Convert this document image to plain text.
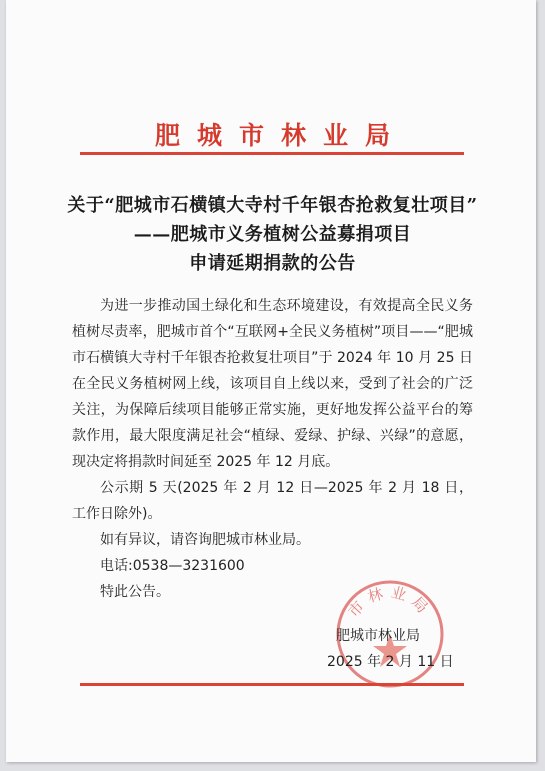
肥城市林业局
关于“肥城市石横镇大寺村千年银杏抢救复壮项目”
——肥城市义务植树公益募捐项目
申请延期捐款的公告

为进一步推动国土绿化和生态环境建设，有效提高全民义务植树尽责率，肥城市首个“互联网+全民义务植树”项目——“肥城市石横镇大寺村千年银杏抢救复壮项目”于 2024 年 10 月 25 日在全民义务植树网上线，该项目自上线以来，受到了社会的广泛关注，为保障后续项目能够正常实施，更好地发挥公益平台的筹款作用，最大限度满足社会“植绿、爱绿、护绿、兴绿”的意愿，现决定将捐款时间延至 2025 年 12 月底。

公示期 5 天(2025 年 2 月 12 日—2025 年 2 月 18 日，工作日除外)。

如有异议，请咨询肥城市林业局。

电话:0538—3231600

特此公告。

市林业局
肥城市林业局
2025 年 2 月 11 日
